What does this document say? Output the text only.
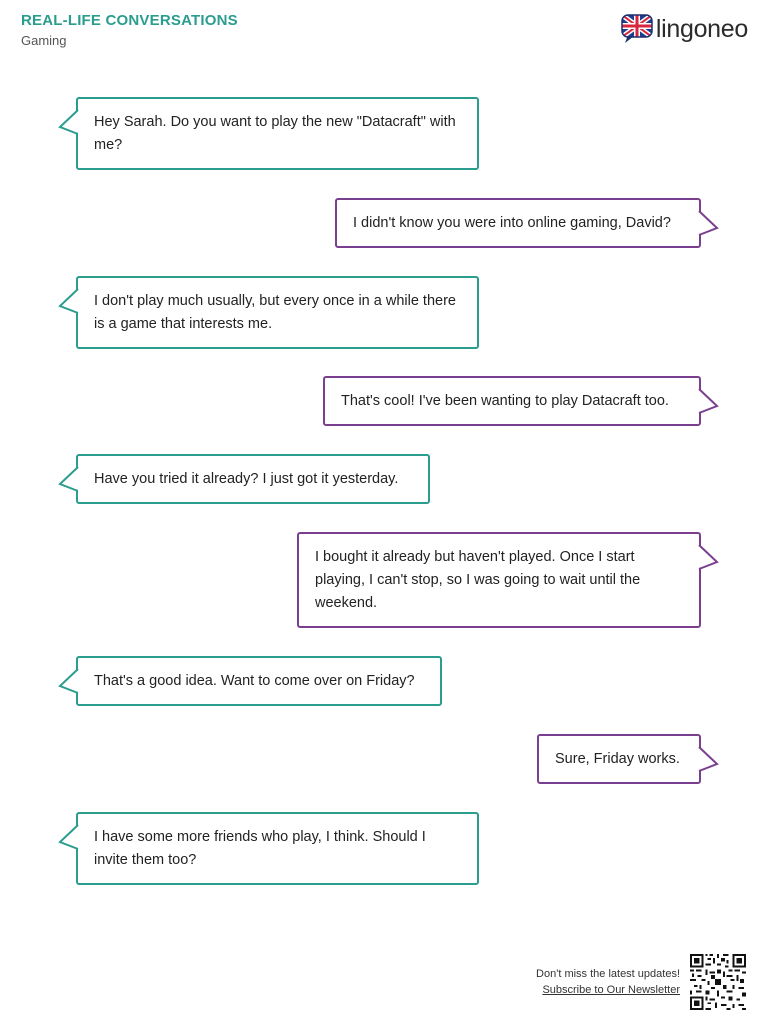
REAL-LIFE CONVERSATIONS
Gaming	lingoneo
Hey Sarah. Do you want to play the new "Datacraft" with me?
I didn't know you were into online gaming, David?
I don't play much usually, but every once in a while there is a game that interests me.
That's cool! I've been wanting to play Datacraft too.
Have you tried it already? I just got it yesterday.
I bought it already but haven't played. Once I start playing, I can't stop, so I was going to wait until the weekend.
That's a good idea. Want to come over on Friday?
Sure, Friday works.
I have some more friends who play, I think. Should I invite them too?
Don't miss the latest updates!
Subscribe to Our Newsletter
